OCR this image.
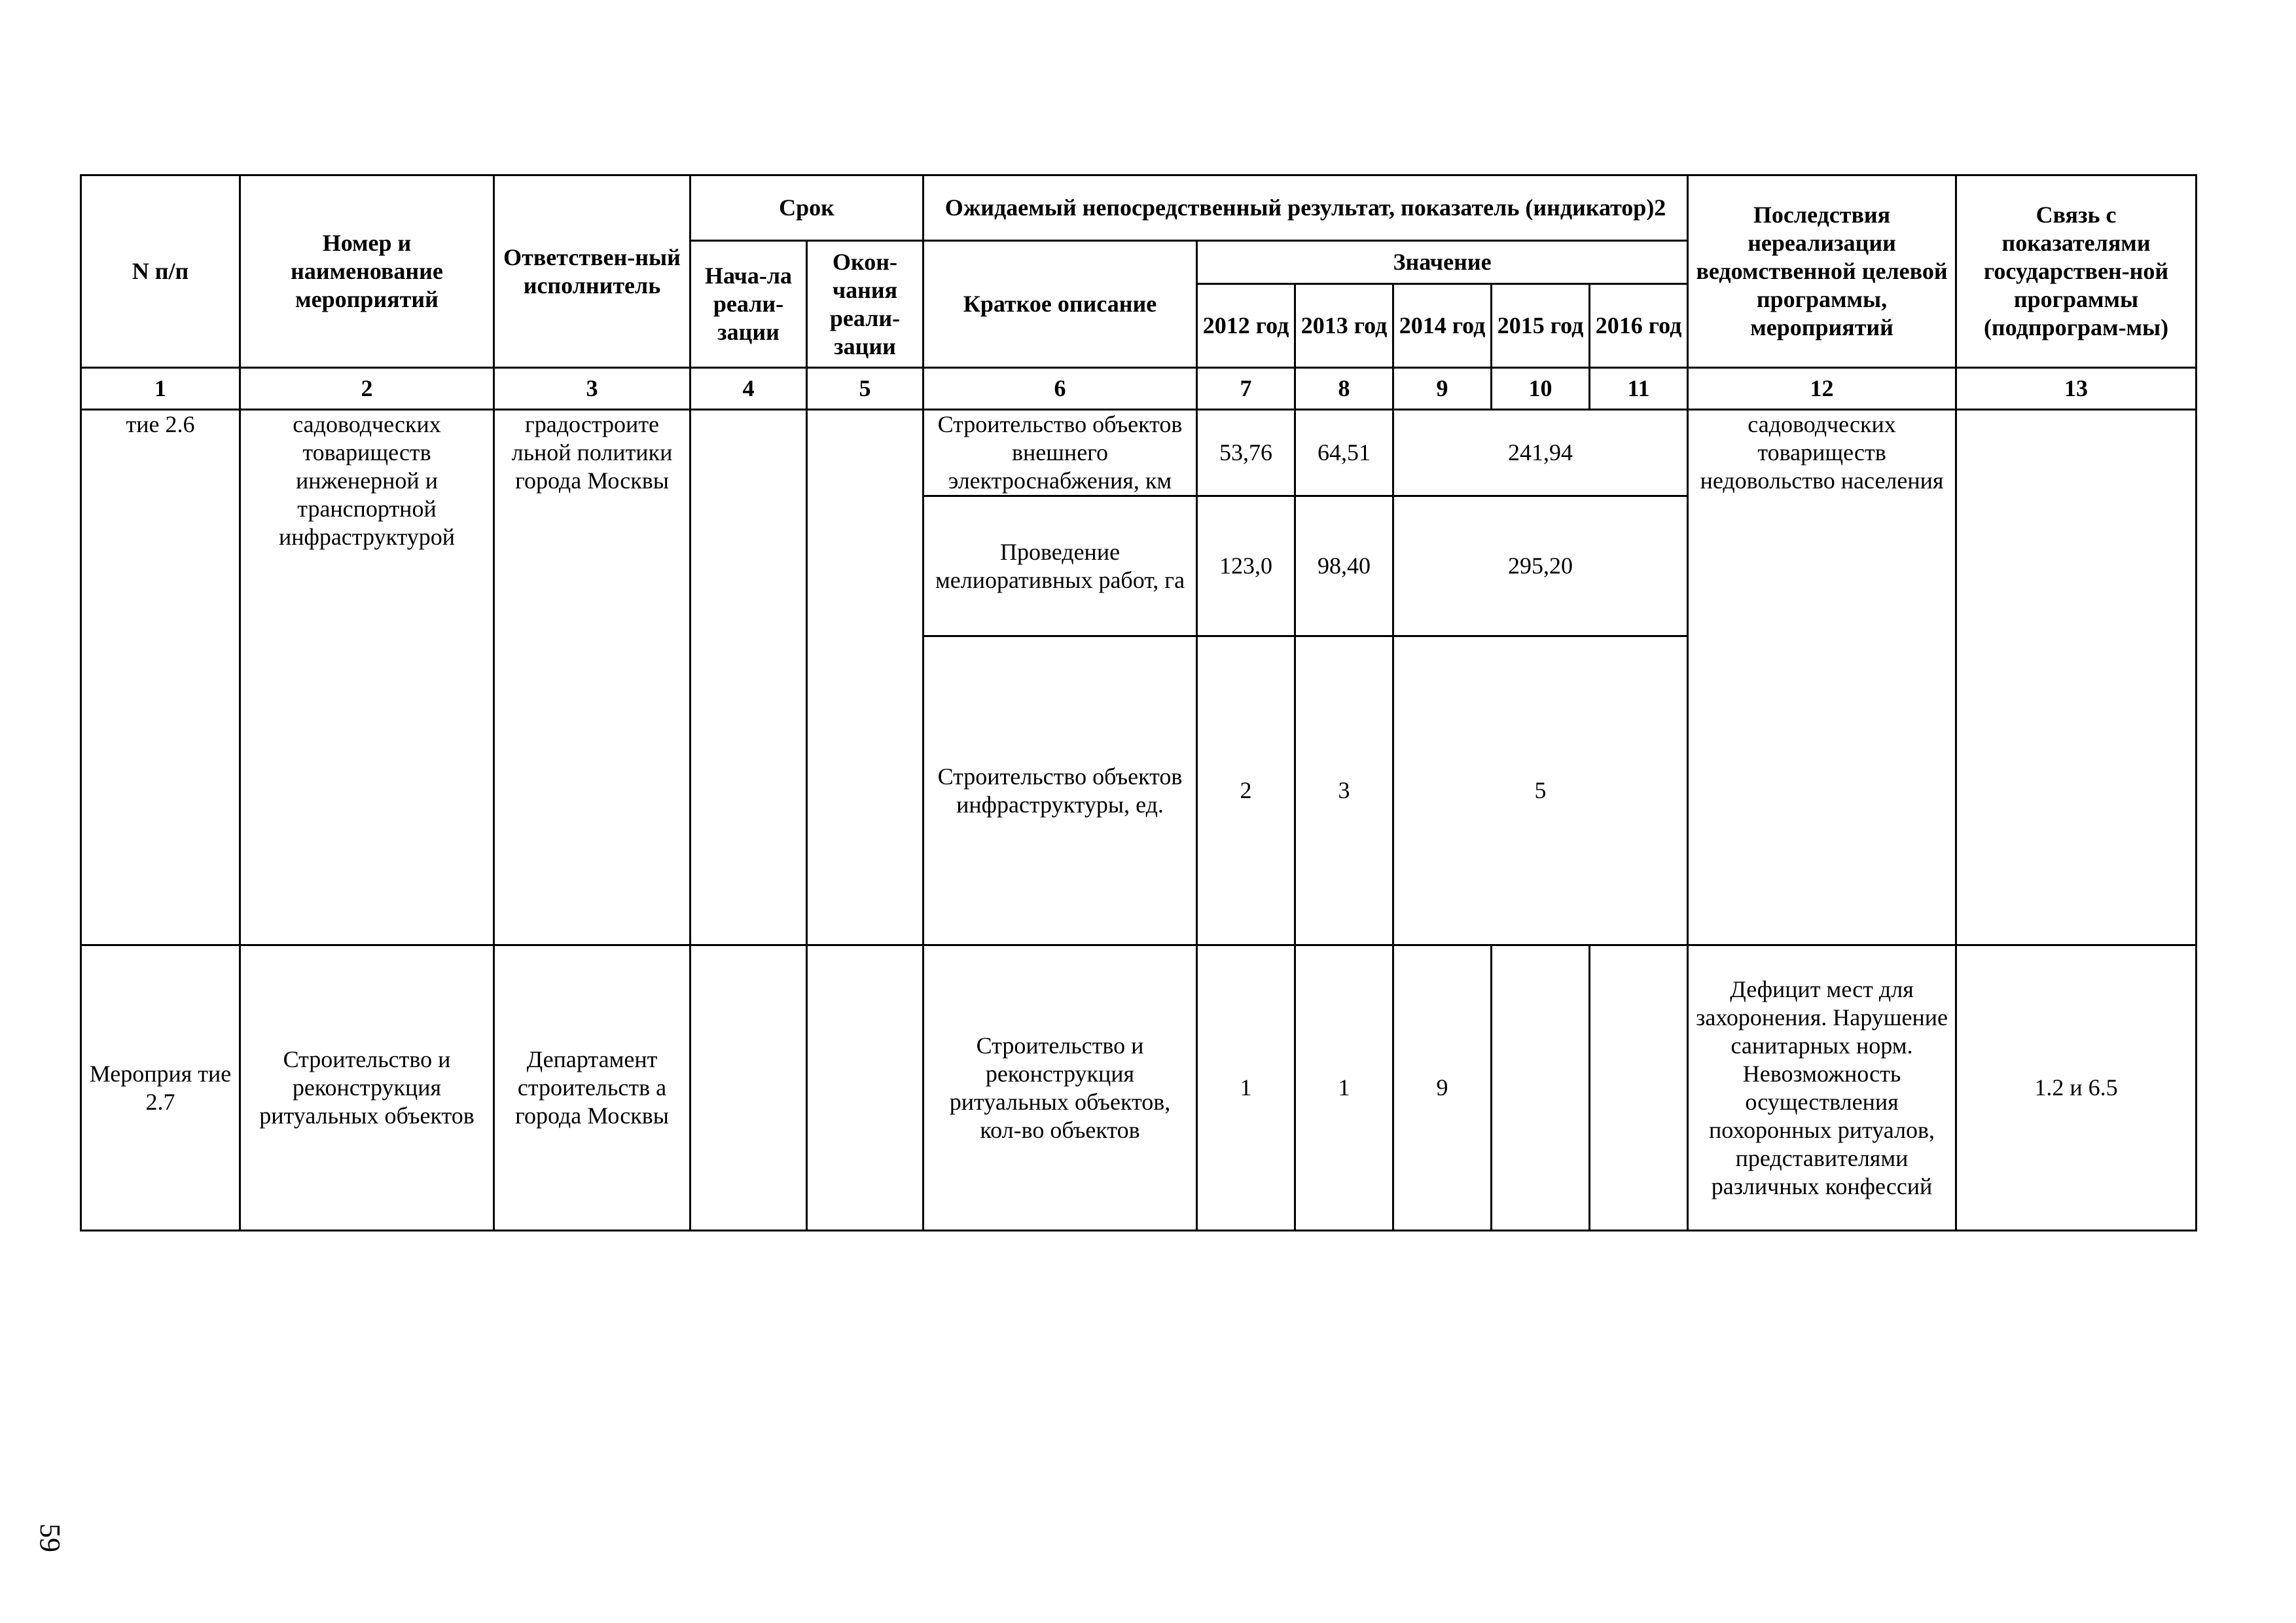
N п/п	Номер и наименование мероприятий	Ответствен-ный исполнитель	Срок		Ожидаемый непосредственный результат, показатель (индикатор)2						Последствия нереализации ведомственной целевой программы, мероприятий	Связь с показателями государствен-ной программы (подпрограм-мы)
			Нача-ла реали-зации	Окон-чания реали-зации	Краткое описание	Значение						
						2012 год	2013 год	2014 год	2015 год	2016 год		
1	2	3	4	5	6	7	8	9	10	11	12	13
тие 2.6	садоводческих товариществ инженерной и транспортной инфраструктурой	градостроите льной политики города Москвы			Строительство объектов внешнего электроснабжения, км	53,76	64,51	241,94			садоводческих товариществ недовольство населения	
					Проведение мелиоративных работ, га	123,0	98,40	295,20				
					Строительство объектов инфраструктуры, ед.	2	3	5				
Мероприя тие 2.7	Строительство и реконструкция ритуальных объектов	Департамент строительств а города Москвы			Строительство и реконструкция ритуальных объектов, кол-во объектов	1	1	9			Дефицит мест для захоронения. Нарушение санитарных норм. Невозможность осуществления похоронных ритуалов, представителями различных конфессий	1.2 и 6.5
59
